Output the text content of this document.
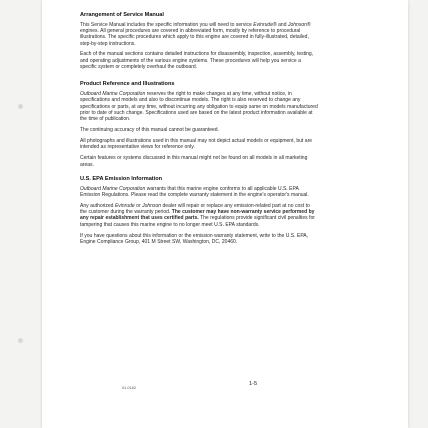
Arrangement of Service Manual

This Service Manual includes the specific information you will need to service Evinrude® and Johnson® engines. All general procedures are covered in abbreviated form, mostly by reference to procedural illustrations. The specific procedures which apply to this engine are covered in fully-illustrated, detailed, step-by-step instructions.

Each of the manual sections contains detailed instructions for disassembly, inspection, assembly, testing, and operating adjustments of the various engine systems. These procedures will help you service a specific system or completely overhaul the outboard.

Product Reference and Illustrations

Outboard Marine Corporation reserves the right to make changes at any time, without notice, in specifications and models and also to discontinue models. The right is also reserved to change any specifications or parts, at any time, without incurring any obligation to equip same on models manufactured prior to date of such change. Specifications used are based on the latest product information available at the time of publication.

The continuing accuracy of this manual cannot be guaranteed.

All photographs and illustrations used in this manual may not depict actual models or equipment, but are intended as representative views for reference only.

Certain features or systems discussed in this manual might not be found on all models in all marketing areas.

U.S. EPA Emission Information

Outboard Marine Corporation warrants that this marine engine conforms to all applicable U.S. EPA Emission Regulations. Please read the complete warranty statement in the engine's operator's manual.

Any authorized Evinrude or Johnson dealer will repair or replace any emission-related part at no cost to the customer during the warranty period. The customer may have non-warranty service performed by any repair establishment that uses certified parts. The regulations provide significant civil penalties for tampering that causes this marine engine to no longer meet U.S. EPA standards.

If you have questions about this information or the emission warranty statement, write to the U.S. EPA, Engine Compliance Group, 401 M Street SW, Washington, DC, 20460.

01-0162
1-5
